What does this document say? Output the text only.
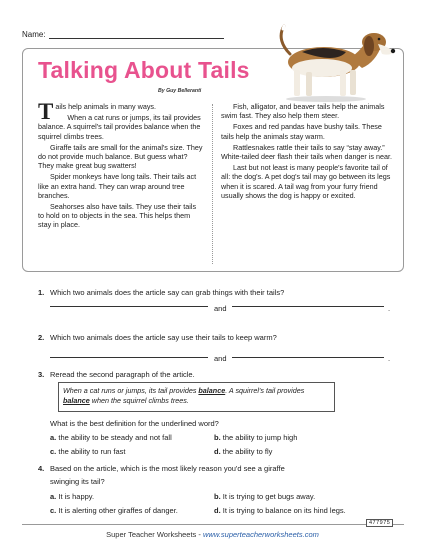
Name:
Talking About Tails
By Guy Belleranti

Tails help animals in many ways.

When a cat runs or jumps, its tail provides balance. A squirrel's tail provides balance when the squirrel climbs trees.

Giraffe tails are small for the animal's size. They do not provide much balance. But guess what? They make great bug swatters!

Spider monkeys have long tails. Their tails act like an extra hand. They can wrap around tree branches.

Seahorses also have tails. They use their tails to hold on to objects in the sea. This helps them stay in place.

Fish, alligator, and beaver tails help the animals swim fast. They also help them steer.

Foxes and red pandas have bushy tails. These tails help the animals stay warm.

Rattlesnakes rattle their tails to say “stay away.” White-tailed deer flash their tails when danger is near.

Last but not least is many people's favorite tail of all: the dog's. A pet dog's tail may go between its legs when it is scared. A tail wag from your furry friend usually shows the dog is happy or excited.

1. Which two animals does the article say can grab things with their tails?
and	.
2. Which two animals does the article say use their tails to keep warm?
and	.
3. Reread the second paragraph of the article.
When a cat runs or jumps, its tail provides balance. A squirrel's tail provides balance when the squirrel climbs trees.
What is the best definition for the underlined word?
a. the ability to be steady and not fall	b. the ability to jump high
c. the ability to run fast	d. the ability to fly
4. Based on the article, which is the most likely reason you'd see a giraffe
swinging its tail?
a. It is happy.	b. It is trying to get bugs away.
c. It is alerting other giraffes of danger.	d. It is trying to balance on its hind legs.
477975
Super Teacher Worksheets - www.superteacherworksheets.com
